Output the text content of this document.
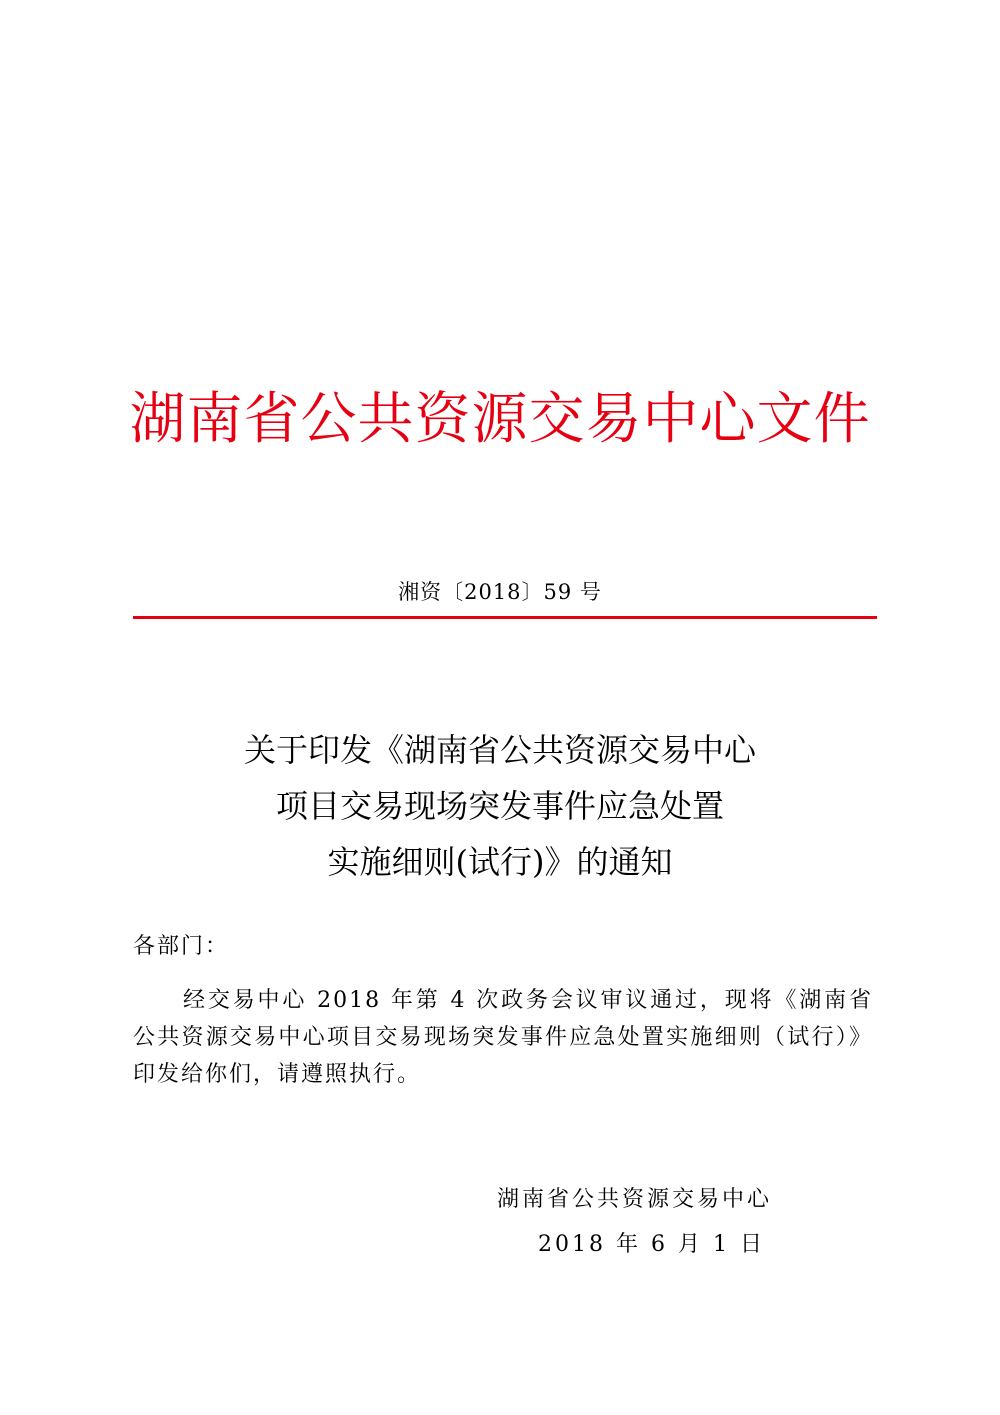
湖南省公共资源交易中心文件
湘资〔2018〕59 号
关于印发《湖南省公共资源交易中心
项目交易现场突发事件应急处置
实施细则(试行)》的通知
各部门：
经交易中心 2018 年第 4 次政务会议审议通过，现将《湖南省公共资源交易中心项目交易现场突发事件应急处置实施细则（试行）》印发给你们，请遵照执行。
湖南省公共资源交易中心
2018 年 6 月 1 日
